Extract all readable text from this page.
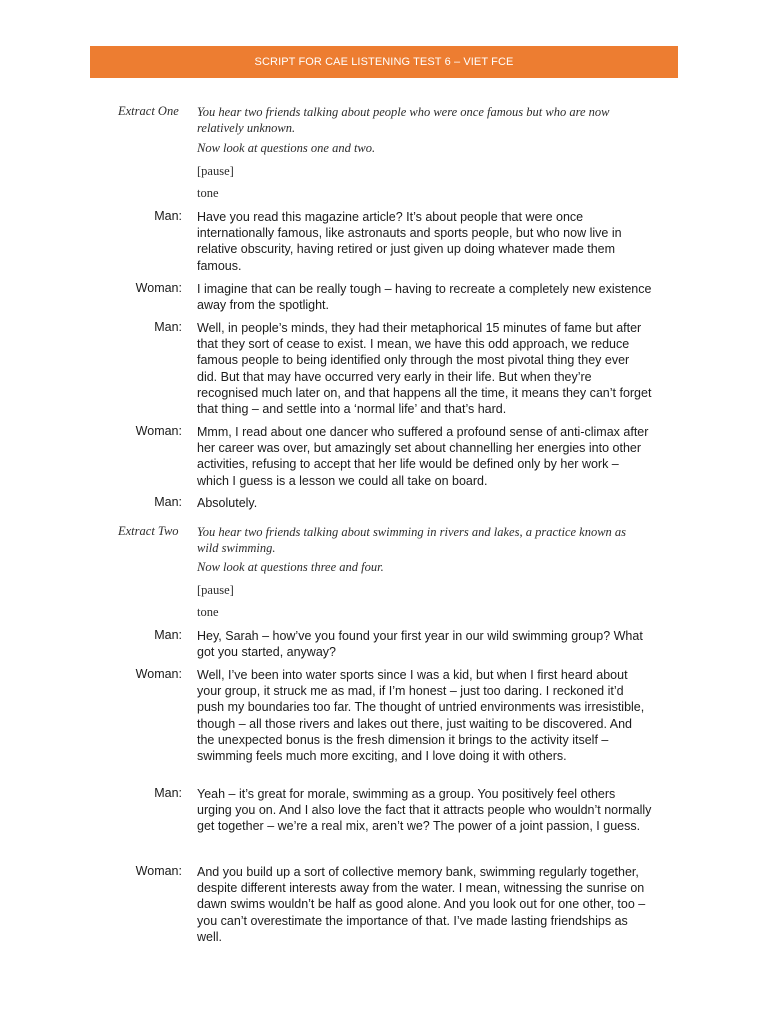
SCRIPT FOR CAE LISTENING TEST 6 – VIET FCE
Extract One You hear two friends talking about people who were once famous but who are now relatively unknown.
Now look at questions one and two.
[pause]
tone
Man: Have you read this magazine article? It’s about people that were once internationally famous, like astronauts and sports people, but who now live in relative obscurity, having retired or just given up doing whatever made them famous.
Woman: I imagine that can be really tough – having to recreate a completely new existence away from the spotlight.
Man: Well, in people’s minds, they had their metaphorical 15 minutes of fame but after that they sort of cease to exist. I mean, we have this odd approach, we reduce famous people to being identified only through the most pivotal thing they ever did. But that may have occurred very early in their life. But when they’re recognised much later on, and that happens all the time, it means they can’t forget that thing – and settle into a ‘normal life’ and that’s hard.
Woman: Mmm, I read about one dancer who suffered a profound sense of anti-climax after her career was over, but amazingly set about channelling her energies into other activities, refusing to accept that her life would be defined only by her work – which I guess is a lesson we could all take on board.
Man: Absolutely.
Extract Two You hear two friends talking about swimming in rivers and lakes, a practice known as wild swimming.
Now look at questions three and four.
[pause]
tone
Man: Hey, Sarah – how’ve you found your first year in our wild swimming group? What got you started, anyway?
Woman: Well, I’ve been into water sports since I was a kid, but when I first heard about your group, it struck me as mad, if I’m honest – just too daring. I reckoned it’d push my boundaries too far. The thought of untried environments was irresistible, though – all those rivers and lakes out there, just waiting to be discovered. And the unexpected bonus is the fresh dimension it brings to the activity itself – swimming feels much more exciting, and I love doing it with others.
Man: Yeah – it’s great for morale, swimming as a group. You positively feel others urging you on. And I also love the fact that it attracts people who wouldn’t normally get together – we’re a real mix, aren’t we? The power of a joint passion, I guess.
Woman: And you build up a sort of collective memory bank, swimming regularly together, despite different interests away from the water. I mean, witnessing the sunrise on dawn swims wouldn’t be half as good alone. And you look out for one other, too – you can’t overestimate the importance of that. I’ve made lasting friendships as well.
